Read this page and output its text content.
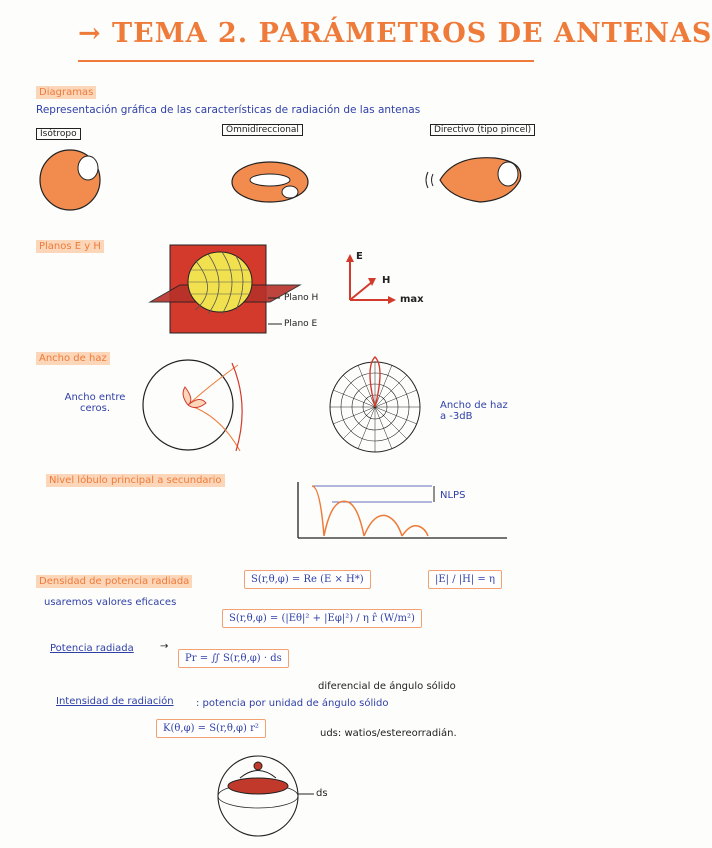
→ TEMA 2. PARÁMETROS DE ANTENAS
Diagramas
Representación gráfica de las características de radiación de las antenas
Isótropo	Omnidireccional	Directivo (tipo pincel)
Planos E y H
Plano H
Plano E
E
H
max
Ancho de haz
Ancho entre ceros.	Ancho de haz a -3dB
Nivel lóbulo principal a secundario
NLPS
Densidad de potencia radiada	S(r,θ,φ) = Re (E × H*)	|E| / |H| = η
usaremos valores eficaces
S(r,θ,φ) = (|Eθ|² + |Eφ|²) / η r̂ (W/m²)
Potencia radiada	→
Pr = ∬ S(r,θ,φ) · ds
diferencial de ángulo sólido
Intensidad de radiación : potencia por unidad de ángulo sólido
K(θ,φ) = S(r,θ,φ) r²	uds: watios/estereorradián.
ds
